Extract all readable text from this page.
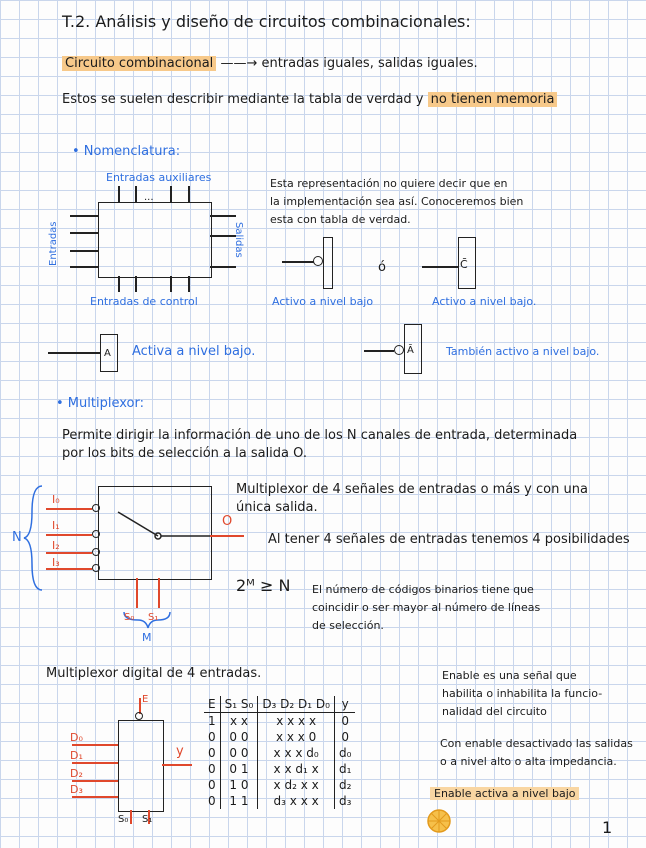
T.2. Análisis y diseño de circuitos combinacionales:
Circuito combinacional ——→ entradas iguales, salidas iguales.
Estos se suelen describir mediante la tabla de verdad y no tienen memoria
• Nomenclatura:
Entradas auxiliares
...
Entradas	Salidas
Entradas de control
Esta representación no quiere decir que en
la implementación sea así. Conoceremos bien
esta con tabla de verdad.
ó	C̄
Activo a nivel bajo	Activo a nivel bajo.
A Activa a nivel bajo.	Ā	También activo a nivel bajo.
• Multiplexor:
Permite dirigir la información de uno de los N canales de entrada, determinada
por los bits de selección a la salida O.
I₀
I₁
I₂
I₃
N
O
S₀ S₁
M
Multiplexor de 4 señales de entradas o más y con una
única salida.
Al tener 4 señales de entradas tenemos 4 posibilidades
2ᴹ ≥ N El número de códigos binarios tiene que
coincidir o ser mayor al número de líneas
de selección.
Multiplexor digital de 4 entradas.
E
D₀
D₁
D₂
D₃
y
S₀ S₁
E	S₁ S₀	D₃ D₂ D₁ D₀	y
1	x x	x x x x	0
0	0 0	x x x 0	0
0	0 0	x x x d₀	d₀
0	0 1	x x d₁ x	d₁
0	1 0	x d₂ x x	d₂
0	1 1	d₃ x x x	d₃
Enable es una señal que
habilita o inhabilita la funcio-
nalidad del circuito
Con enable desactivado las salidas
o a nivel alto o alta impedancia.
Enable activa a nivel bajo
1
